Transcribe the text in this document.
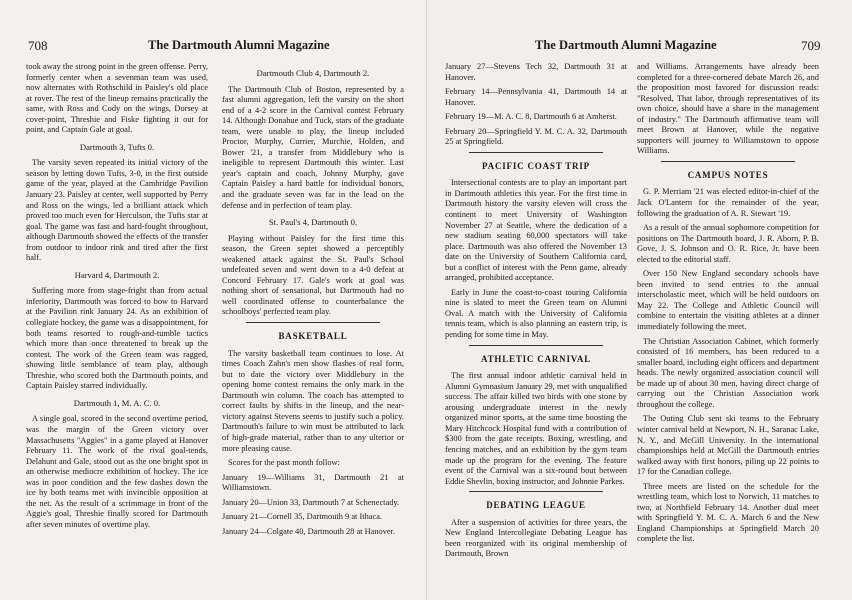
708	The Dartmouth Alumni Magazine

took away the strong point in the green offense. Perry, formerly center when a sevenman team was used, now alternates with Rothschild in Paisley's old place at rover. The rest of the lineup remains practically the same, with Ross and Cody on the wings, Dorsey at cover-point, Threshie and Fiske fighting it out for point, and Captain Gale at goal.

Dartmouth 3, Tufts 0.

The varsity seven repeated its initial victory of the season by letting down Tufts, 3-0, in the first outside game of the year, played at the Cambridge Pavilion January 23. Paisley at center, well supported by Perry and Ross on the wings, led a brilliant attack which proved too much even for Herculson, the Tufts star at goal. The game was fast and hard-fought throughout, although Dartmouth showed the effects of the transfer from outdoor to indoor rink and tired after the first half.

Harvard 4, Dartmouth 2.

Suffering more from stage-fright than from actual inferiority, Dartmouth was forced to bow to Harvard at the Pavilion rink January 24. As an exhibition of collegiate hockey, the game was a disappointment, for both teams resorted to rough-and-tumble tactics which more than once threatened to break up the contest. The work of the Green team was ragged, showing little semblance of team play, although Threshie, who scored both the Dartmouth points, and Captain Paisley starred individually.

Dartmouth 1, M. A. C. 0.

A single goal, scored in the second overtime period, was the margin of the Green victory over Massachusetts "Aggies" in a game played at Hanover February 11. The work of the rival goal-tends, Delahunt and Gale, stood out as the one bright spot in an otherwise mediocre exhibition of hockey. The ice was in poor condition and the few dashes down the ice by both teams met with invincible opposition at the net. As the result of a scrimmage in front of the Aggie's goal, Threshie finally scored for Dartmouth after seven minutes of overtime play.

Dartmouth Club 4, Dartmouth 2.

The Dartmouth Club of Boston, represented by a fast alumni aggregation, left the varsity on the short end of a 4-2 score in the Carnival contest February 14. Although Donahue and Tuck, stars of the graduate team, were unable to play, the lineup included Proctor, Murphy, Currier, Murchie, Holden, and Bower '21, a transfer from Middlebury who is ineligible to represent Dartmouth this winter. Last year's captain and coach, Johnny Murphy, gave Captain Paisley a hard battle for individual honors, and the graduate seven was far in the lead on the defense and in perfection of team play.

St. Paul's 4, Dartmouth 0.

Playing without Paisley for the first time this season, the Green septet showed a perceptibly weakened attack against the St. Paul's School undefeated seven and went down to a 4-0 defeat at Concord February 17. Gale's work at goal was nothing short of sensational, but Dartmouth had no well coordinated offense to counterbalance the schoolboys' perfected team play.

BASKETBALL

The varsity basketball team continues to lose. At times Coach Zahn's men show flashes of real form, but to date the victory over Middlebury in the opening home contest remains the only mark in the Dartmouth win column. The coach has attempted to correct faults by shifts in the lineup, and the near-victory against Stevens seems to justify such a policy. Dartmouth's failure to win must be attributed to lack of high-grade material, rather than to any ulterior or more pleasing cause.

Scores for the past month follow:

January 19—Williams 31, Dartmouth 21 at Williamstown.

January 20—Union 33, Dartmouth 7 at Schenectady.

January 21—Cornell 35, Dartmouth 9 at Ithaca.

January 24—Colgate 40, Dartmouth 28 at Hanover.

The Dartmouth Alumni Magazine	709

January 27—Stevens Tech 32, Dartmouth 31 at Hanover.

February 14—Pennsylvania 41, Dartmouth 14 at Hanover.

February 19—M. A. C. 8, Dartmouth 6 at Amherst.

February 20—Springfield Y. M. C. A. 32, Dartmouth 25 at Springfield.

PACIFIC COAST TRIP

Intersectional contests are to play an important part in Dartmouth athletics this year. For the first time in Dartmouth history the varsity eleven will cross the continent to meet University of Washington November 27 at Seattle, where the dedication of a new stadium seating 60,000 spectators will take place. Dartmouth was also offered the November 13 date on the University of Southern California card, but a conflict of interest with the Penn game, already arranged, prohibited acceptance.

Early in June the coast-to-coast touring California nine is slated to meet the Green team on Alumni Oval. A match with the University of California tennis team, which is also planning an eastern trip, is pending for some time in May.

ATHLETIC CARNIVAL

The first annual indoor athletic carnival held in Alumni Gymnasium January 29, met with unqualified success. The affair killed two birds with one stone by arousing undergraduate interest in the newly organized minor sports, at the same time boosting the Mary Hitchcock Hospital fund with a contribution of $300 from the gate receipts. Boxing, wrestling, and fencing matches, and an exhibition by the gym team made up the program for the evening. The feature event of the Carnival was a six-round bout between Eddie Shevlin, boxing instructor, and Johnnie Parkes.

DEBATING LEAGUE

After a suspension of activities for three years, the New England Intercollegiate Debating League has been reorganized with its original membership of Dartmouth, Brown

and Williams. Arrangements have already been completed for a three-cornered debate March 26, and the proposition most favored for discussion reads: "Resolved, That labor, through representatives of its own choice, should have a share in the management of industry." The Dartmouth affirmative team will meet Brown at Hanover, while the negative supporters will journey to Williamstown to oppose Williams.

CAMPUS NOTES

G. P. Merriam '21 was elected editor-in-chief of the Jack O'Lantern for the remainder of the year, following the graduation of A. R. Stewart '19.

As a result of the annual sophomore competition for positions on The Dartmouth board, J. R. Aborn, P. B. Gove, J. S. Johnson and O. R. Rice, Jr. have been elected to the editorial staff.

Over 150 New England secondary schools have been invited to send entries to the annual interscholastic meet, which will be held outdoors on May 22. The College and Athletic Council will combine to entertain the visiting athletes at a dinner immediately following the meet.

The Christian Association Cabinet, which formerly consisted of 16 members, has been reduced to a smaller board, including eight officers and department heads. The newly organized association council will be made up of about 30 men, having direct charge of carrying out the Christian Association work throughout the college.

The Outing Club sent ski teams to the February winter carnival held at Newport, N. H., Saranac Lake, N. Y., and McGill University. In the international championships held at McGill the Dartmouth entries walked away with first honors, piling up 22 points to 17 for the Canadian college.

Three meets are listed on the schedule for the wrestling team, which lost to Norwich, 11 matches to two, at Northfield February 14. Another dual meet with Springfield Y. M. C. A. March 6 and the New England Championships at Springfield March 20 complete the list.
